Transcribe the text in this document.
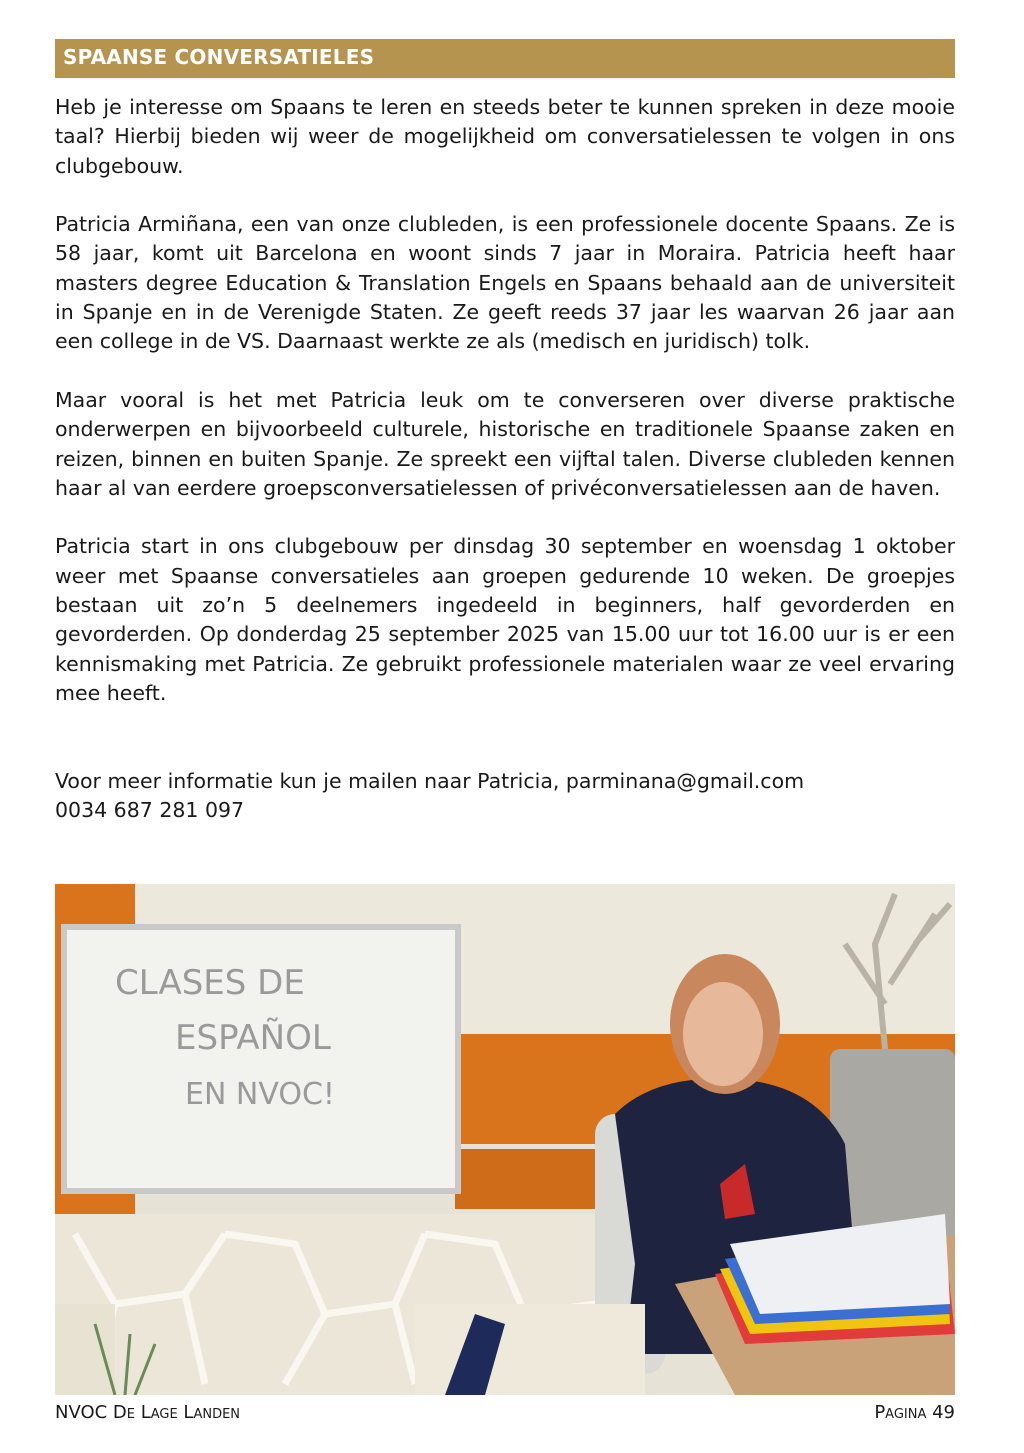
SPAANSE CONVERSATIELES

Heb je interesse om Spaans te leren en steeds beter te kunnen spreken in deze mooie taal? Hierbij bieden wij weer de mogelijkheid om conversatielessen te volgen in ons clubgebouw.

Patricia Armiñana, een van onze clubleden, is een professionele docente Spaans. Ze is 58 jaar, komt uit Barcelona en woont sinds 7 jaar in Moraira. Patricia heeft haar masters degree Education & Translation Engels en Spaans behaald aan de universiteit in Spanje en in de Verenigde Staten. Ze geeft reeds 37 jaar les waarvan 26 jaar aan een college in de VS. Daarnaast werkte ze als (medisch en juridisch) tolk.

Maar vooral is het met Patricia leuk om te converseren over diverse praktische onderwerpen en bijvoorbeeld culturele, historische en traditionele Spaanse zaken en reizen, binnen en buiten Spanje. Ze spreekt een vijftal talen. Diverse clubleden kennen haar al van eerdere groepsconversatielessen of privéconversatielessen aan de haven.

Patricia start in ons clubgebouw per dinsdag 30 september en woensdag 1 oktober weer met Spaanse conversatieles aan groepen gedurende 10 weken. De groepjes bestaan uit zo’n 5 deelnemers ingedeeld in beginners, half gevorderden en gevorderden. Op donderdag 25 september 2025 van 15.00 uur tot 16.00 uur is er een kennismaking met Patricia. Ze gebruikt professionele materialen waar ze veel ervaring mee heeft.

Voor meer informatie kun je mailen naar Patricia, parminana@gmail.com
0034 687 281 097
CLASES DE
ESPAÑOL
EN NVOC!
NVOC De Lage Landen	Pagina 49
